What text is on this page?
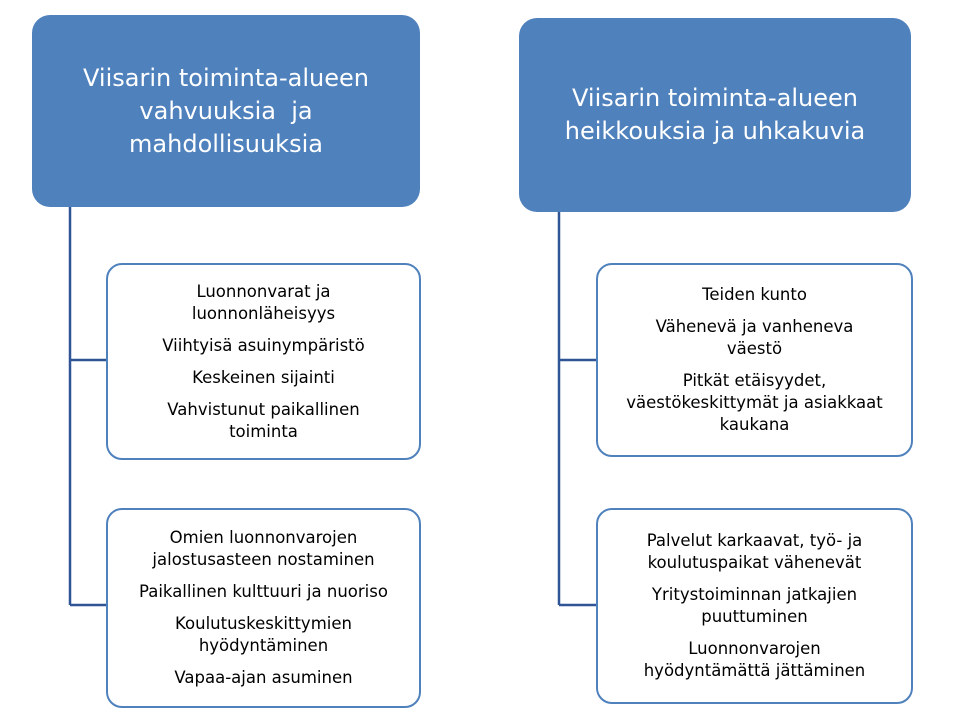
Viisarin toiminta-alueen
vahvuuksia  ja
mahdollisuuksia
Viisarin toiminta-alueen
heikkouksia ja uhkakuvia
Luonnonvarat ja
luonnonläheisyys
Viihtyisä asuinympäristö
Keskeinen sijainti
Vahvistunut paikallinen
toiminta
Omien luonnonvarojen
jalostusasteen nostaminen
Paikallinen kulttuuri ja nuoriso
Koulutuskeskittymien
hyödyntäminen
Vapaa-ajan asuminen
Teiden kunto
Vähenevä ja vanheneva
väestö
Pitkät etäisyydet,
väestökeskittymät ja asiakkaat
kaukana
Palvelut karkaavat, työ- ja
koulutuspaikat vähenevät
Yritystoiminnan jatkajien
puuttuminen
Luonnonvarojen
hyödyntämättä jättäminen
